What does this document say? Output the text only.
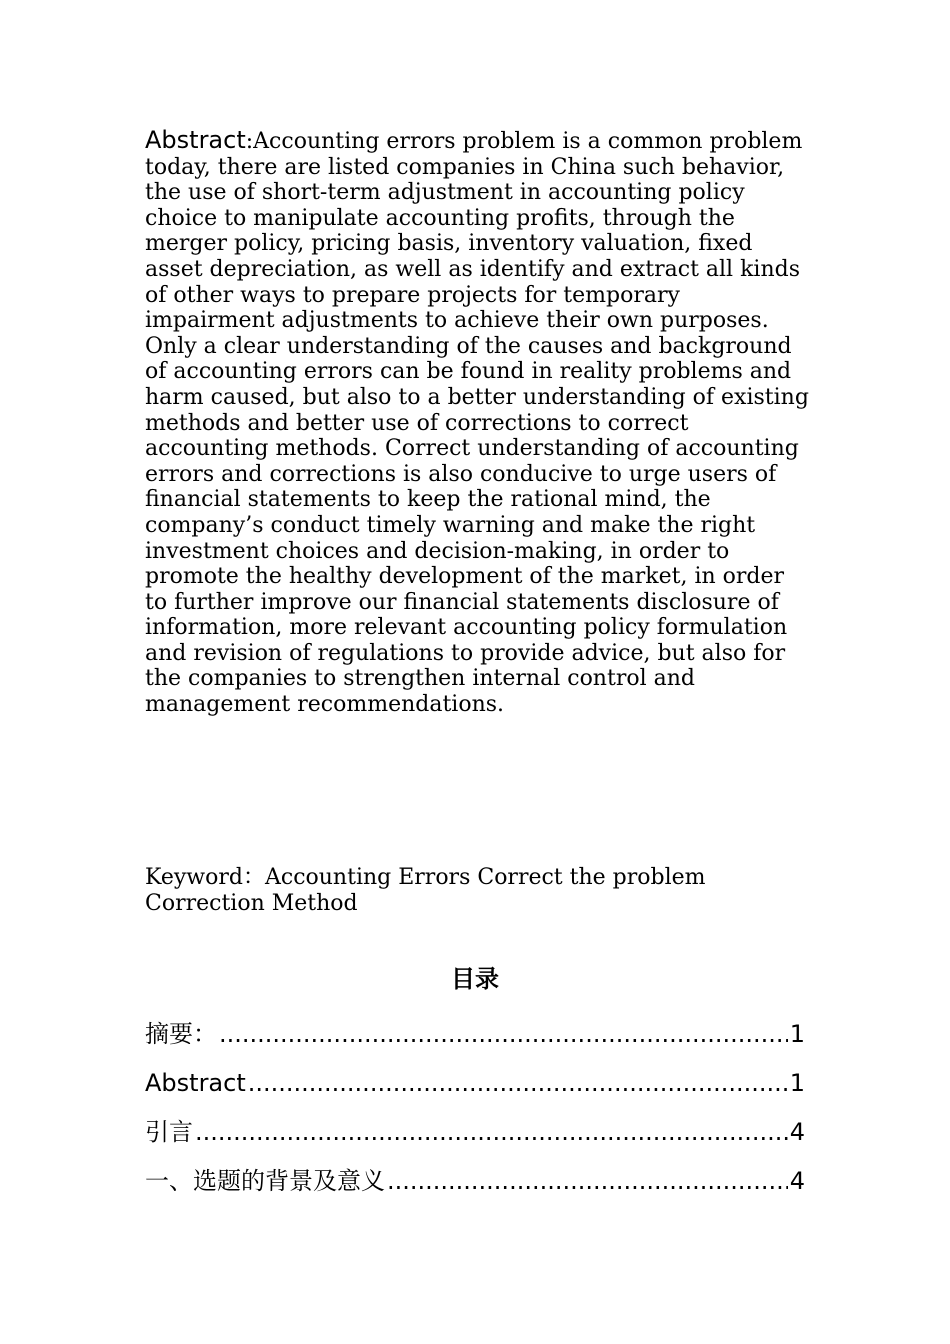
Abstract:Accounting errors problem is a common problem today, there are listed companies in China such behavior, the use of short-term adjustment in accounting policy choice to manipulate accounting profits, through the merger policy, pricing basis, inventory valuation, fixed asset depreciation, as well as identify and extract all kinds of other ways to prepare projects for temporary impairment adjustments to achieve their own purposes. Only a clear understanding of the causes and background of accounting errors can be found in reality problems and harm caused, but also to a better understanding of existing methods and better use of corrections to correct accounting methods. Correct understanding of accounting errors and corrections is also conducive to urge users of financial statements to keep the rational mind, the company’s conduct timely warning and make the right investment choices and decision-making, in order to promote the healthy development of the market, in order to further improve our financial statements disclosure of information, more relevant accounting policy formulation and revision of regulations to provide advice, but also for the companies to strengthen internal control and management recommendations.

Keyword：Accounting Errors Correct the problem Correction Method

目录
摘要： .....	1
Abstract .....	1
引言 .....	4
一、选题的背景及意义 .....	4
